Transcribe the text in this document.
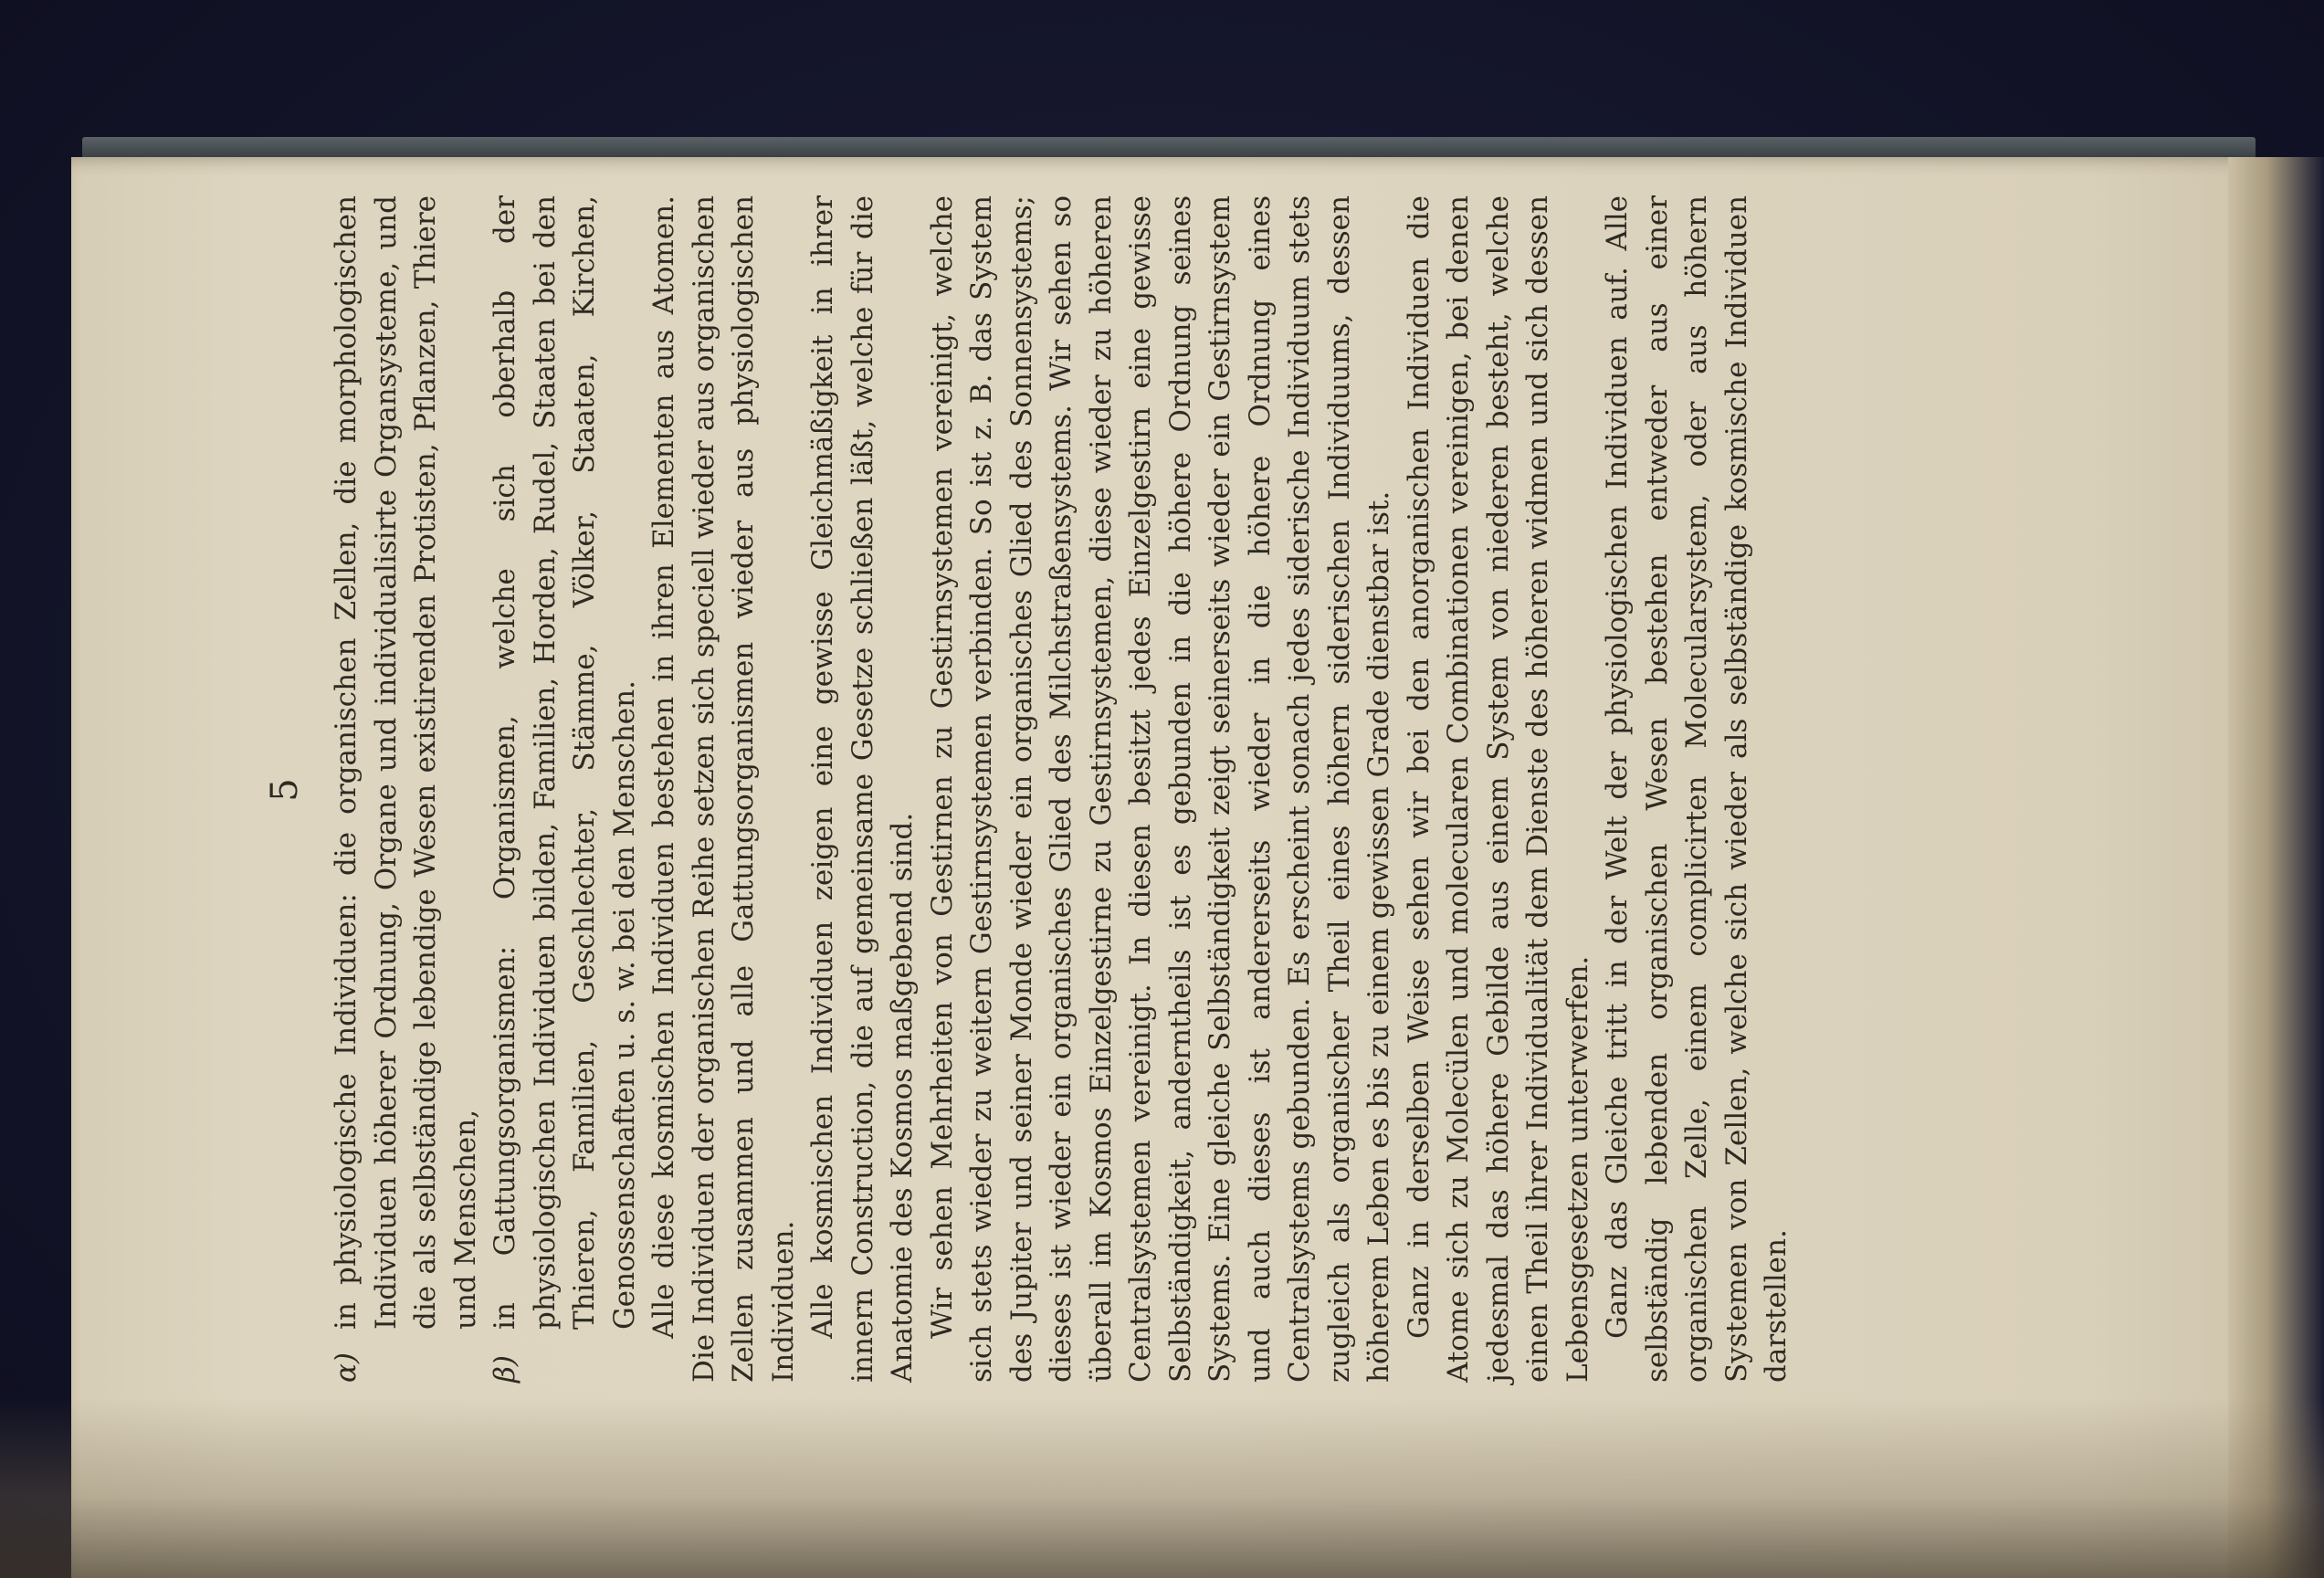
5
α)
in physiologische Individuen: die organischen Zellen, die morphologischen Individuen höherer Ordnung, Organe und individualisirte Organsysteme, und die als selbständige lebendige Wesen existirenden Protisten, Pflanzen, Thiere und Menschen,
β)
in Gattungsorganismen: Organismen, welche sich oberhalb der physiologischen Individuen bilden, Familien, Horden, Rudel, Staaten bei den Thieren, Familien, Geschlechter, Stämme, Völker, Staaten, Kirchen, Genossenschaften u. s. w. bei den Menschen. Alle diese kosmischen Individuen bestehen in ihren Elementen aus Atomen. Die Individuen der organischen Reihe setzen sich speciell wieder aus organischen Zellen zusammen und alle Gattungsorganismen wieder aus physiologischen Individuen. Alle kosmischen Individuen zeigen eine gewisse Gleichmäßigkeit in ihrer innern Construction, die auf gemeinsame Gesetze schließen läßt, welche für die Anatomie des Kosmos maßgebend sind. Wir sehen Mehrheiten von Gestirnen zu Gestirnsystemen vereinigt, welche sich stets wieder zu weitern Gestirnsystemen verbinden. So ist z. B. das System des Jupiter und seiner Monde wieder ein organisches Glied des Sonnensystems; dieses ist wieder ein organisches Glied des Milchstraßensystems. Wir sehen so überall im Kosmos Einzelgestirne zu Gestirnsystemen, diese wieder zu höheren Centralsystemen vereinigt. In diesen besitzt jedes Einzelgestirn eine gewisse Selbständigkeit, anderntheils ist es gebunden in die höhere Ordnung seines Systems. Eine gleiche Selbständigkeit zeigt seinerseits wieder ein Gestirnsystem und auch dieses ist andererseits wieder in die höhere Ordnung eines Centralsystems gebunden. Es erscheint sonach jedes siderische Individuum stets zugleich als organischer Theil eines höhern siderischen Individuums, dessen höherem Leben es bis zu einem gewissen Grade dienstbar ist. Ganz in derselben Weise sehen wir bei den anorganischen Individuen die Atome sich zu Molecülen und molecularen Combinationen vereinigen, bei denen jedesmal das höhere Gebilde aus einem System von niederen besteht, welche einen Theil ihrer Individualität dem Dienste des höheren widmen und sich dessen Lebensgesetzen unterwerfen. Ganz das Gleiche tritt in der Welt der physiologischen Individuen auf. Alle selbständig lebenden organischen Wesen bestehen entweder aus einer organischen Zelle, einem complicirten Molecularsystem, oder aus höhern Systemen von Zellen, welche sich wieder als selbständige kosmische Individuen darstellen.
